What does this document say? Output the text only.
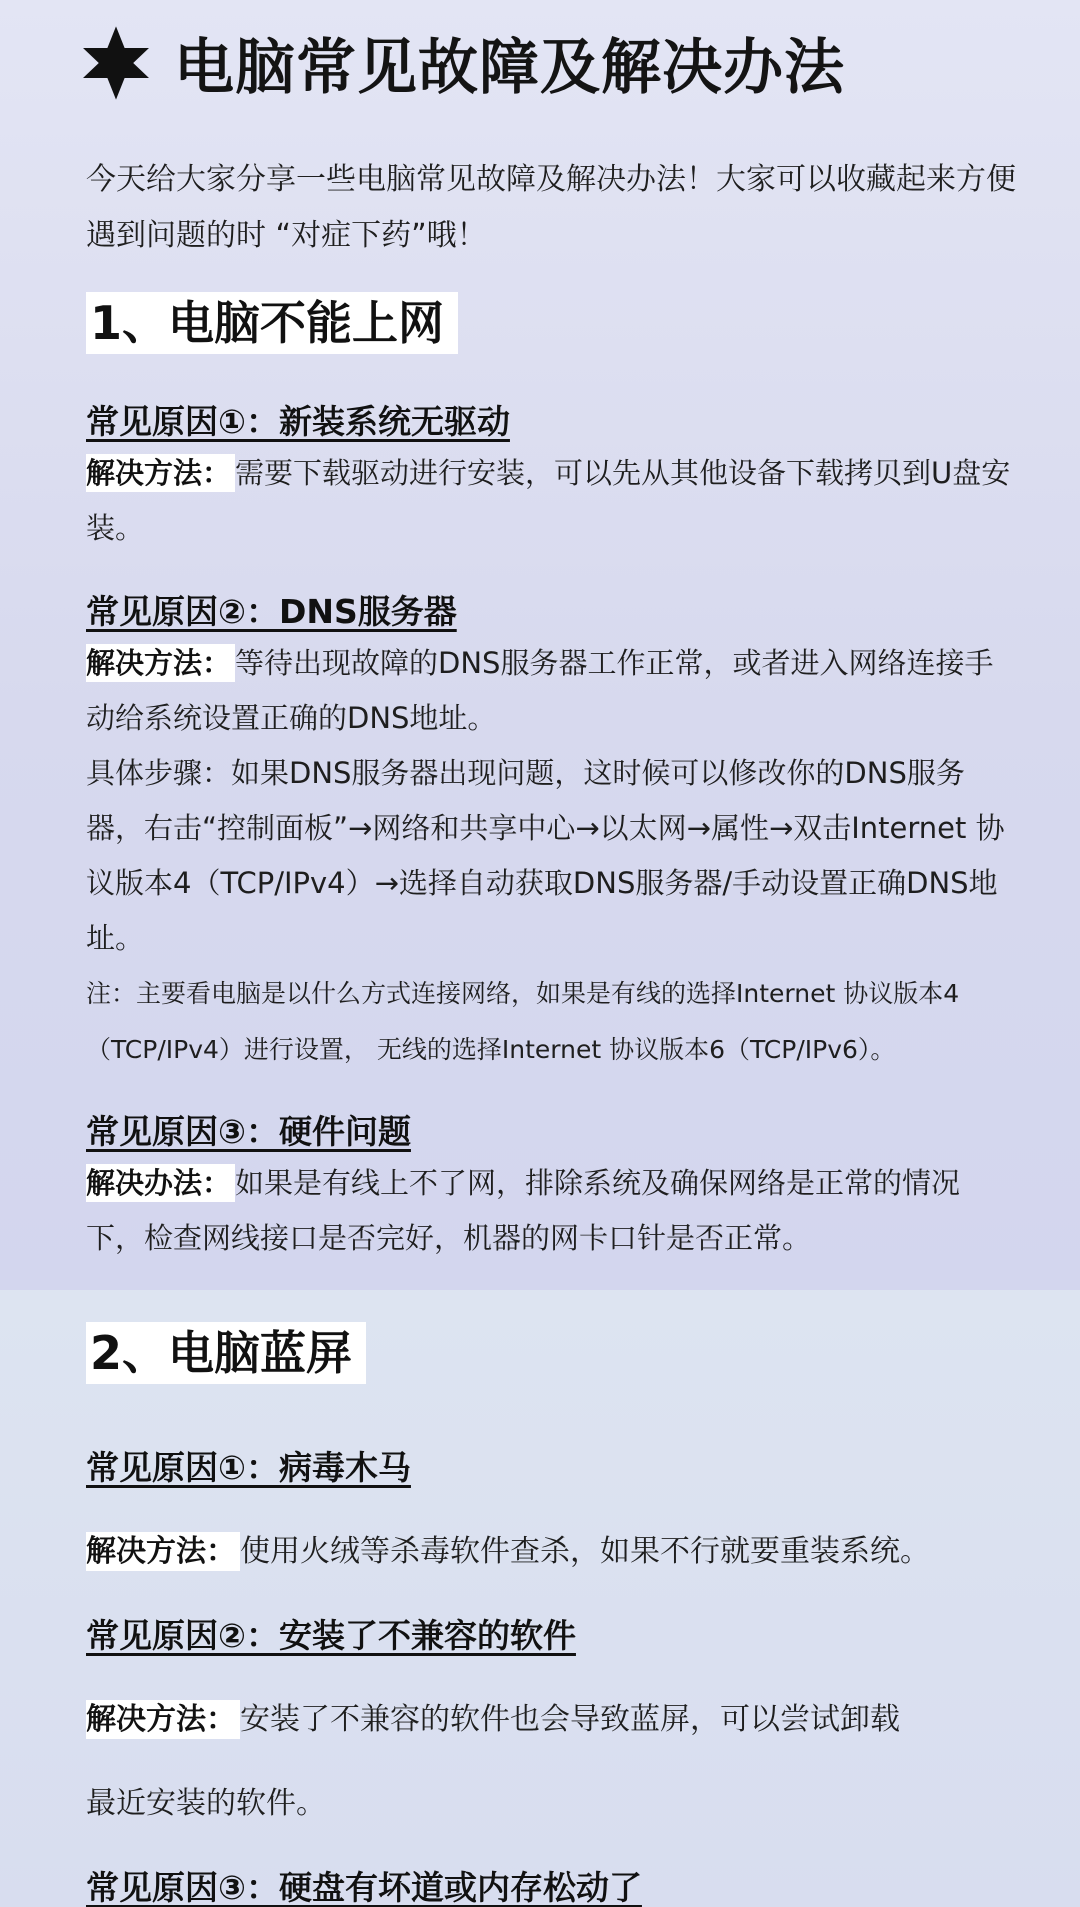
电脑常见故障及解决办法

今天给大家分享一些电脑常见故障及解决办法！大家可以收藏起来方便遇到问题的时 “对症下药”哦！

1、电脑不能上网
常见原因①：新装系统无驱动

解决方法： 需要下载驱动进行安装，可以先从其他设备下载拷贝到U盘安装。

常见原因②：DNS服务器

解决方法： 等待出现故障的DNS服务器工作正常，或者进入网络连接手动给系统设置正确的DNS地址。

具体步骤：如果DNS服务器出现问题，这时候可以修改你的DNS服务器，右击“控制面板”→网络和共享中心→以太网→属性→双击Internet 协议版本4（TCP/IPv4）→选择自动获取DNS服务器/手动设置正确DNS地址。

注：主要看电脑是以什么方式连接网络，如果是有线的选择Internet 协议版本4（TCP/IPv4）进行设置， 无线的选择Internet 协议版本6（TCP/IPv6）。

常见原因③：硬件问题

解决办法： 如果是有线上不了网，排除系统及确保网络是正常的情况下，检查网线接口是否完好，机器的网卡口针是否正常。

2、电脑蓝屏
常见原因①：病毒木马

解决方法： 使用火绒等杀毒软件查杀，如果不行就要重装系统。

常见原因②：安装了不兼容的软件

解决方法： 安装了不兼容的软件也会导致蓝屏，可以尝试卸载

最近安装的软件。

常见原因③：硬盘有坏道或内存松动了
